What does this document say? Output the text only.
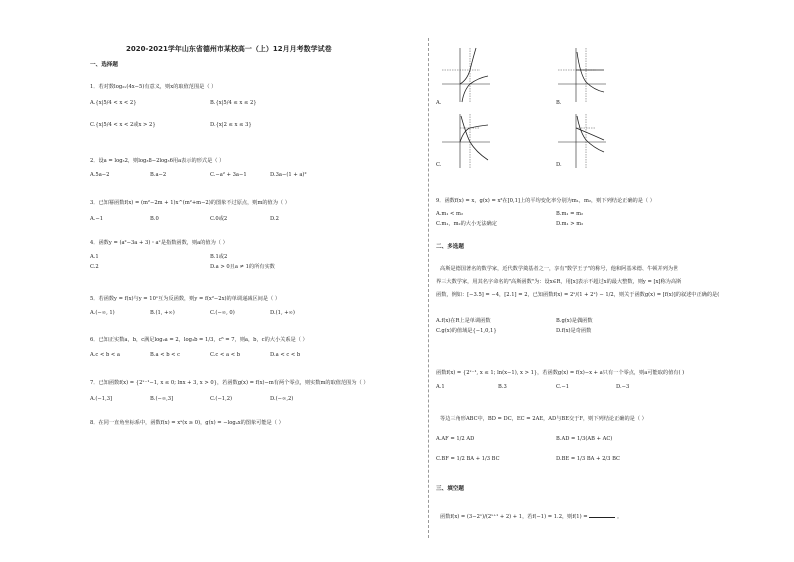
2020-2021学年山东省德州市某校高一（上）12月月考数学试卷
一、选择题
1．若对数log₂ₓ(4x−5)有意义，则x的取值范围是（ ）
A.{x|5/4 < x < 2}	B.{x|5/4 ≤ x ≤ 2}
C.{x|5/4 < x < 2或x > 2}	D.{x|2 ≤ x ≤ 3}
2．设a = log₃2，则log₃8−2log₃6用a表示的形式是（ ）
A.5a−2	B.a−2	C.−a² + 3a−1	D.3a−(1 + a)²
3．已知幂函数f(x) = (m²−2m + 1)x^(m²+m−2)的图象不过原点，则m的值为（ ）
A.−1	B.0	C.0或2	D.2
4．函数y = (a²−3a + 3)・aˣ是指数函数，则a的值为（ ）
A.1	B.1或2
C.2	D.a > 0且a ≠ 1的所有实数
5．若函数y = f(x)与y = 10ˣ互为反函数，则y = f(x²−2x)的单调递减区间是（ ）
A.(−∞, 1)	B.(1, +∞)	C.(−∞, 0)	D.(1, +∞)
6．已知正实数a，b，c满足log₂a = 2，log₃b = 1/3，c⁶ = 7，则a，b，c的大小关系是（ ）
A.c < b < a	B.a < b < c	C.c < a < b	D.a < c < b
7．已知函数f(x) = {2ˣ⁻¹−1, x ≤ 0; lnx + 3, x > 0}，若函数g(x) = f(x)−m有两个零点，则实数m的取值范围为（ ）
A.(−1,3]	B.(−∞,3]	C.(−1,2)	D.(−∞,2)
8．在同一直角坐标系中，函数f(x) = xᵃ(x ≥ 0)，g(x) = −logₐx的图象可能是（ ）
A.	B.
C.	D.
9．函数f(x) = x，g(x) = x²在[0,1]上的平均变化率分别为m₁，m₂，则下列结论正确的是（ ）
A.m₁ < m₂	B.m₁ = m₂
C.m₁，m₂的大小无法确定	D.m₁ > m₂
二、多选题
高斯是德国著名的数学家，近代数学奠基者之一，享有"数学王子"的称号，他和阿基米德、牛顿并列为世
界三大数学家，用其名字命名的"高斯函数"为：设x∈R，用[x]表示不超过x的最大整数，则y = [x]称为高斯
函数，例如：[−3.5] = −4，[2.1] = 2，已知函数f(x) = 2ˣ/(1 + 2ˣ) − 1/2，则关于函数g(x) = [f(x)]的叙述中正确的是(
A.f(x)在R上是单调函数	B.g(x)是偶函数
C.g(x)的值域是{−1,0,1}	D.f(x)是奇函数
函数f(x) = {2ˣ⁻¹, x ≤ 1; ln(x−1), x > 1}，若函数g(x) = f(x)−x + a只有一个零点，则a可能取的值有( )
A.1	B.3	C.−1	D.−3
等边三角形ABC中，BD = DC，EC = 2AE，AD与BE交于F，则下列结论正确的是（ ）
A.AF = 1/2 AD	B.AD = 1/3(AB + AC)
C.BF = 1/2 BA + 1/3 BC	D.BE = 1/3 BA + 2/3 BC
三、填空题
函数f(x) = (3−2ˣ)/(2ˣ⁺¹ + 2) + 1，若f(−1) = 1.2，则f(1) =	。
